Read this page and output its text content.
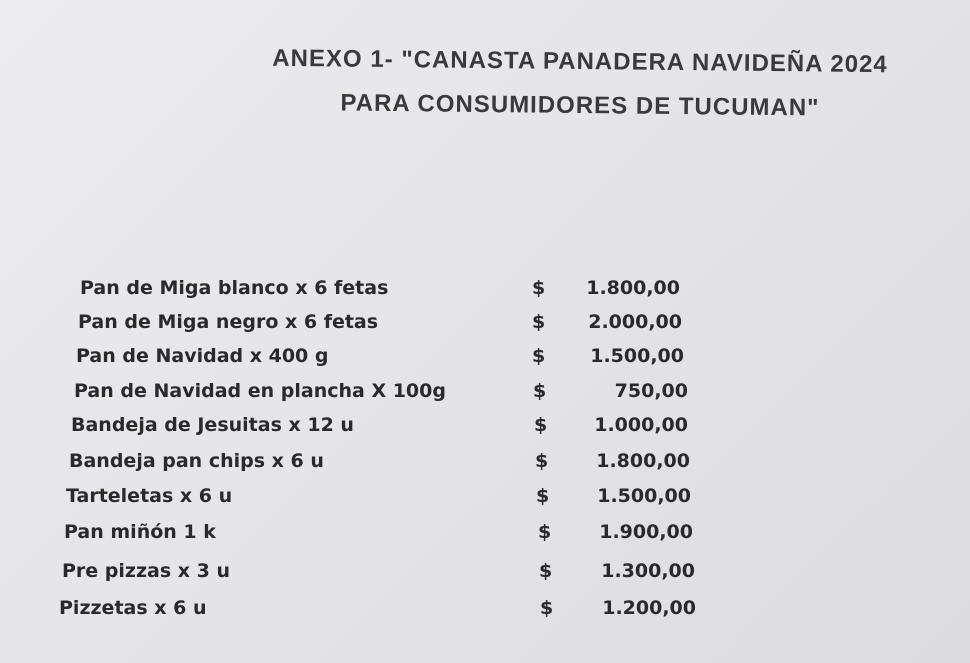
ANEXO 1- "CANASTA PANADERA NAVIDEÑA 2024
PARA CONSUMIDORES DE TUCUMAN"
Pan de Miga blanco x 6 fetas	$	1.800,00
Pan de Miga negro x 6 fetas	$	2.000,00
Pan de Navidad x 400 g	$	1.500,00
Pan de Navidad en plancha X 100g	$	750,00
Bandeja de Jesuitas x 12 u	$	1.000,00
Bandeja pan chips x 6 u	$	1.800,00
Tarteletas x 6 u	$	1.500,00
Pan miñón 1 k	$	1.900,00
Pre pizzas x 3 u	$	1.300,00
Pizzetas x 6 u	$	1.200,00
